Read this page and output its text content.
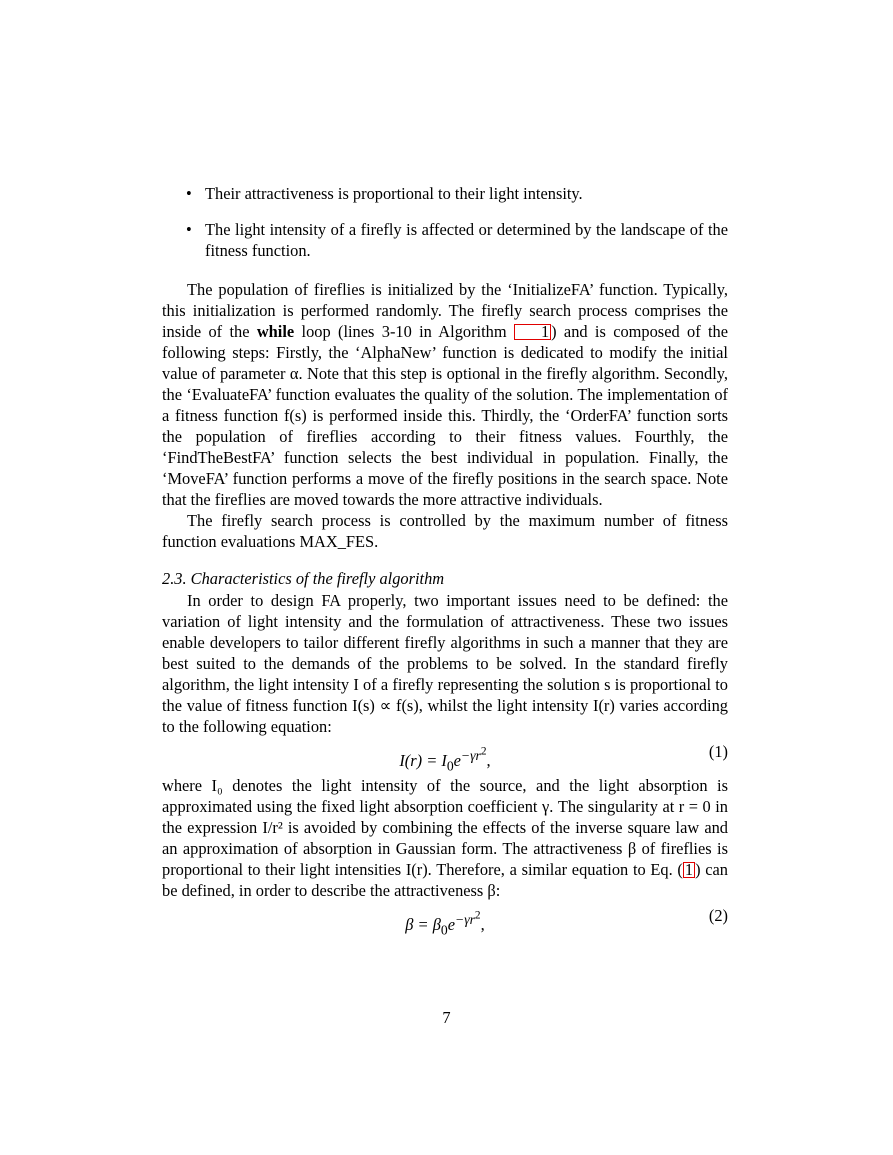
• Their attractiveness is proportional to their light intensity.
• The light intensity of a firefly is affected or determined by the landscape of the fitness function.

The population of fireflies is initialized by the ‘InitializeFA’ function. Typically, this initialization is performed randomly. The firefly search process comprises the inside of the while loop (lines 3-10 in Algorithm 1 ) and is composed of the following steps: Firstly, the ‘AlphaNew’ function is dedicated to modify the initial value of parameter α. Note that this step is optional in the firefly algorithm. Secondly, the ‘EvaluateFA’ function evaluates the quality of the solution. The implementation of a fitness function f(s) is performed inside this. Thirdly, the ‘OrderFA’ function sorts the population of fireflies according to their fitness values. Fourthly, the ‘FindTheBestFA’ function selects the best individual in population. Finally, the ‘MoveFA’ function performs a move of the firefly positions in the search space. Note that the fireflies are moved towards the more attractive individuals.

The firefly search process is controlled by the maximum number of fitness function evaluations MAX_FES.

2.3. Characteristics of the firefly algorithm

In order to design FA properly, two important issues need to be defined: the variation of light intensity and the formulation of attractiveness. These two issues enable developers to tailor different firefly algorithms in such a manner that they are best suited to the demands of the problems to be solved. In the standard firefly algorithm, the light intensity I of a firefly representing the solution s is proportional to the value of fitness function I(s) ∝ f(s), whilst the light intensity I(r) varies according to the following equation:

$I(r) = I_0e^{-\gamma r^2}$,	(1)

where I₀ denotes the light intensity of the source, and the light absorption is approximated using the fixed light absorption coefficient γ. The singularity at r = 0 in the expression I/r² is avoided by combining the effects of the inverse square law and an approximation of absorption in Gaussian form. The attractiveness β of fireflies is proportional to their light intensities I(r). Therefore, a similar equation to Eq. ( 1 ) can be defined, in order to describe the attractiveness β:

$\beta = \beta_0e^{-\gamma r^2}$,	(2)
7
